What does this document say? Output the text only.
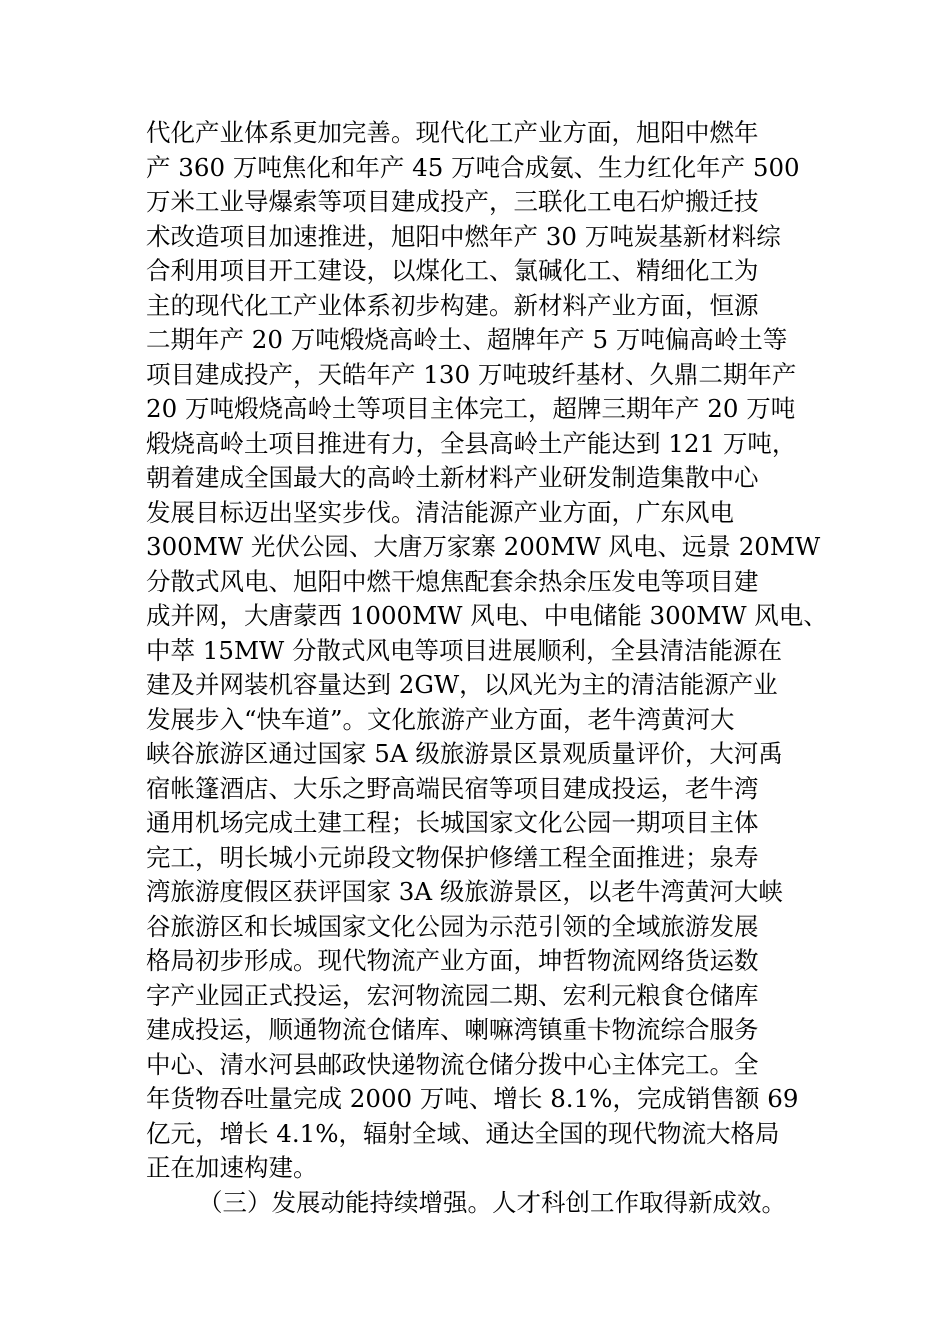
代化产业体系更加完善。现代化工产业方面，旭阳中燃年
产 360 万吨焦化和年产 45 万吨合成氨、生力红化年产 500
万米工业导爆索等项目建成投产，三联化工电石炉搬迁技
术改造项目加速推进，旭阳中燃年产 30 万吨炭基新材料综
合利用项目开工建设，以煤化工、氯碱化工、精细化工为
主的现代化工产业体系初步构建。新材料产业方面，恒源
二期年产 20 万吨煅烧高岭土、超牌年产 5 万吨偏高岭土等
项目建成投产，天皓年产 130 万吨玻纤基材、久鼎二期年产
20 万吨煅烧高岭土等项目主体完工，超牌三期年产 20 万吨
煅烧高岭土项目推进有力，全县高岭土产能达到 121 万吨，
朝着建成全国最大的高岭土新材料产业研发制造集散中心
发展目标迈出坚实步伐。清洁能源产业方面，广东风电
300MW 光伏公园、大唐万家寨 200MW 风电、远景 20MW
分散式风电、旭阳中燃干熄焦配套余热余压发电等项目建
成并网，大唐蒙西 1000MW 风电、中电储能 300MW 风电、
中萃 15MW 分散式风电等项目进展顺利，全县清洁能源在
建及并网装机容量达到 2GW，以风光为主的清洁能源产业
发展步入“快车道”。文化旅游产业方面，老牛湾黄河大
峡谷旅游区通过国家 5A 级旅游景区景观质量评价，大河禹
宿帐篷酒店、大乐之野高端民宿等项目建成投运，老牛湾
通用机场完成土建工程；长城国家文化公园一期项目主体
完工，明长城小元峁段文物保护修缮工程全面推进；泉寿
湾旅游度假区获评国家 3A 级旅游景区，以老牛湾黄河大峡
谷旅游区和长城国家文化公园为示范引领的全域旅游发展
格局初步形成。现代物流产业方面，坤哲物流网络货运数
字产业园正式投运，宏河物流园二期、宏利元粮食仓储库
建成投运，顺通物流仓储库、喇嘛湾镇重卡物流综合服务
中心、清水河县邮政快递物流仓储分拨中心主体完工。全
年货物吞吐量完成 2000 万吨、增长 8.1%，完成销售额 69
亿元，增长 4.1%，辐射全域、通达全国的现代物流大格局
正在加速构建。
（三）发展动能持续增强。人才科创工作取得新成效。
